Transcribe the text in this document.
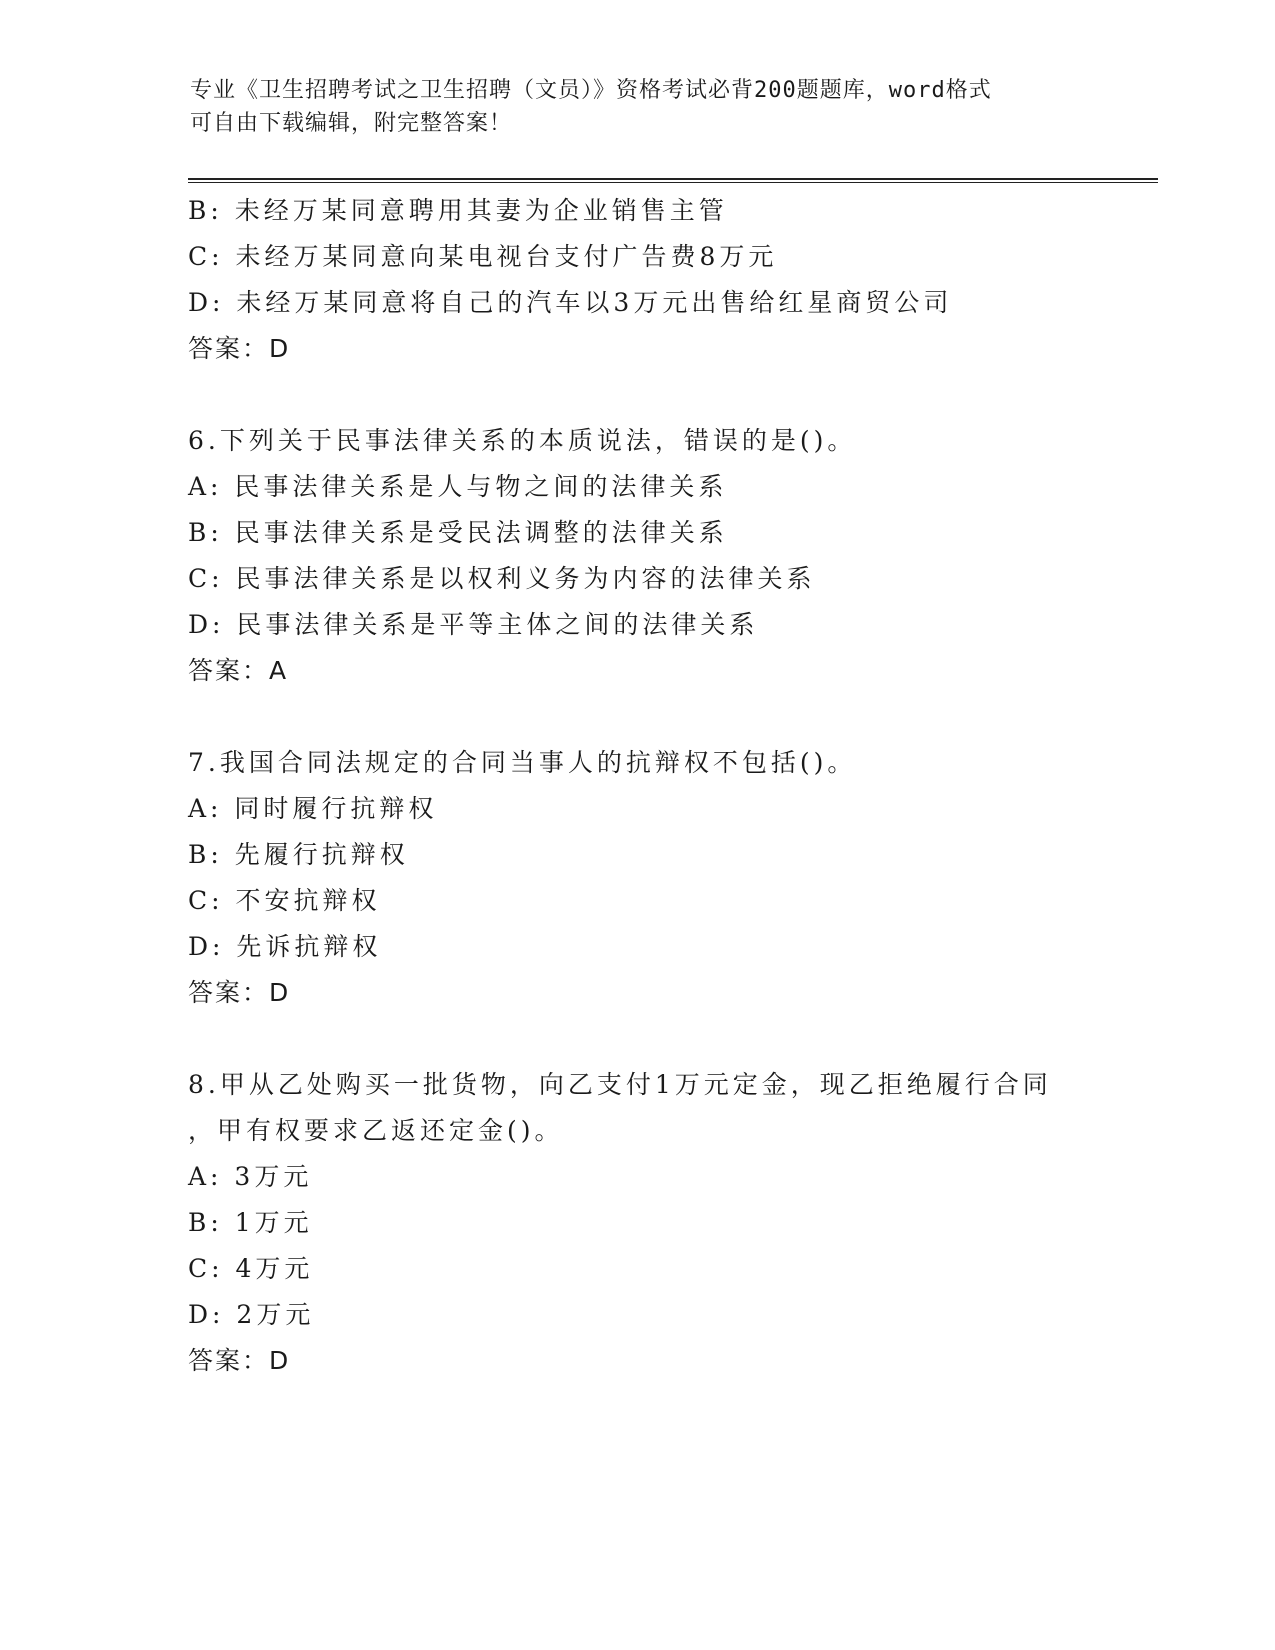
专业《卫生招聘考试之卫生招聘（文员）》资格考试必背200题题库，word格式
可自由下载编辑，附完整答案！
B: 未经万某同意聘用其妻为企业销售主管
C: 未经万某同意向某电视台支付广告费8万元
D: 未经万某同意将自己的汽车以3万元出售给红星商贸公司
答案：D
6.下列关于民事法律关系的本质说法，错误的是()。
A: 民事法律关系是人与物之间的法律关系
B: 民事法律关系是受民法调整的法律关系
C: 民事法律关系是以权利义务为内容的法律关系
D: 民事法律关系是平等主体之间的法律关系
答案：A
7.我国合同法规定的合同当事人的抗辩权不包括()。
A: 同时履行抗辩权
B: 先履行抗辩权
C: 不安抗辩权
D: 先诉抗辩权
答案：D
8.甲从乙处购买一批货物，向乙支付1万元定金，现乙拒绝履行合同
，甲有权要求乙返还定金()。
A: 3万元
B: 1万元
C: 4万元
D: 2万元
答案：D
